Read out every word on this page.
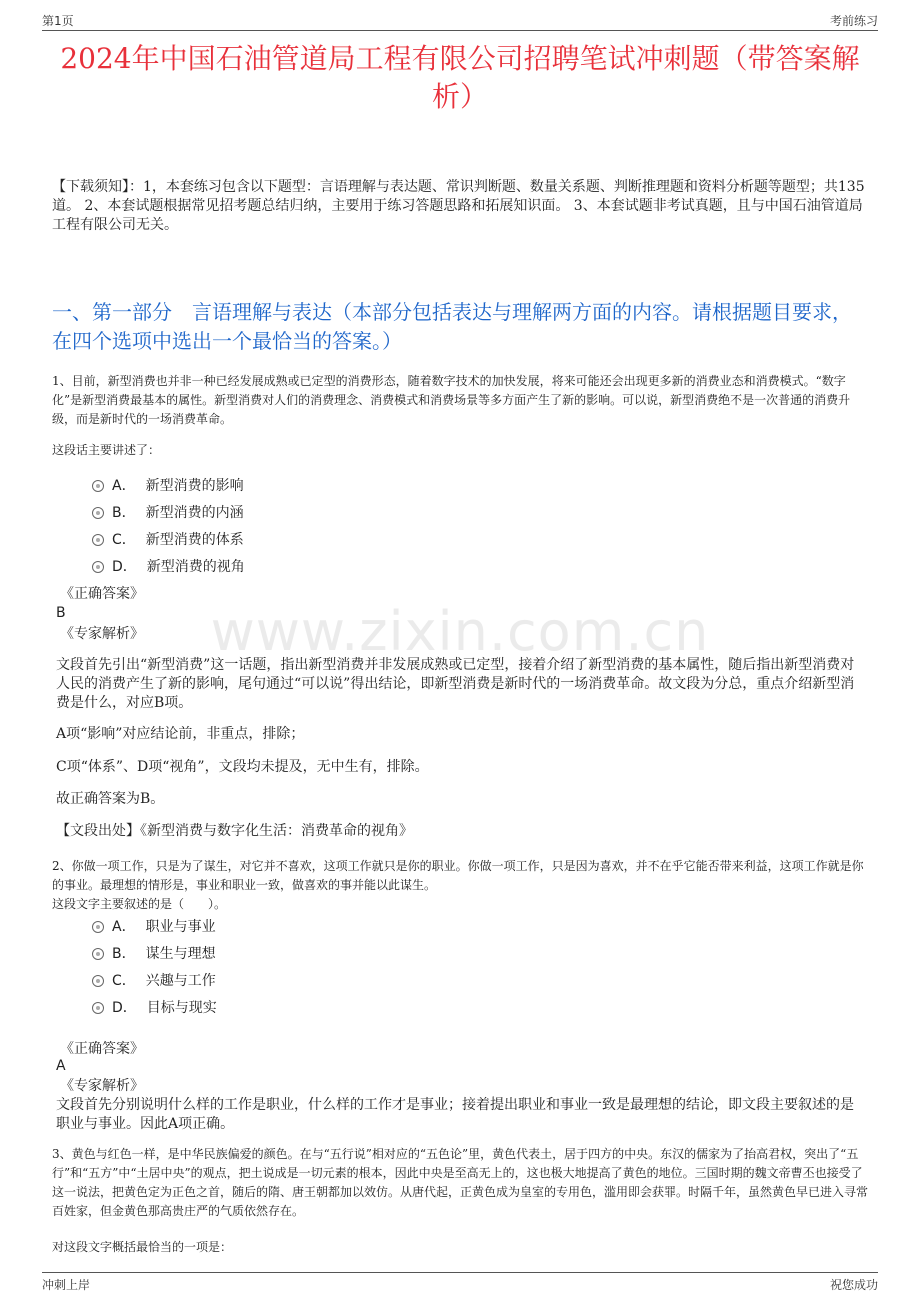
第1页	考前练习
www.zixin.com.cn
2024年中国石油管道局工程有限公司招聘笔试冲刺题（带答案解析）
【下载须知】：1，本套练习包含以下题型：言语理解与表达题、常识判断题、数量关系题、判断推理题和资料分析题等题型；共135道。 2、本套试题根据常见招考题总结归纳，主要用于练习答题思路和拓展知识面。 3、本套试题非考试真题，且与中国石油管道局工程有限公司无关。
一、第一部分　言语理解与表达（本部分包括表达与理解两方面的内容。请根据题目要求，在四个选项中选出一个最恰当的答案。）
1、目前，新型消费也并非一种已经发展成熟或已定型的消费形态，随着数字技术的加快发展，将来可能还会出现更多新的消费业态和消费模式。“数字化”是新型消费最基本的属性。新型消费对人们的消费理念、消费模式和消费场景等多方面产生了新的影响。可以说，新型消费绝不是一次普通的消费升级，而是新时代的一场消费革命。
这段话主要讲述了：
A． 新型消费的影响
B． 新型消费的内涵
C． 新型消费的体系
D． 新型消费的视角
《正确答案》
B
《专家解析》
文段首先引出“新型消费”这一话题，指出新型消费并非发展成熟或已定型，接着介绍了新型消费的基本属性，随后指出新型消费对人民的消费产生了新的影响，尾句通过“可以说”得出结论，即新型消费是新时代的一场消费革命。故文段为分总，重点介绍新型消费是什么，对应B项。
A项“影响”对应结论前，非重点，排除；
C项“体系”、D项“视角”，文段均未提及，无中生有，排除。
故正确答案为B。
【文段出处】《新型消费与数字化生活：消费革命的视角》
2、你做一项工作，只是为了谋生，对它并不喜欢，这项工作就只是你的职业。你做一项工作，只是因为喜欢，并不在乎它能否带来利益，这项工作就是你的事业。最理想的情形是，事业和职业一致，做喜欢的事并能以此谋生。
这段文字主要叙述的是（　　）。
A． 职业与事业
B． 谋生与理想
C． 兴趣与工作
D． 目标与现实
《正确答案》
A
《专家解析》
文段首先分别说明什么样的工作是职业，什么样的工作才是事业；接着提出职业和事业一致是最理想的结论，即文段主要叙述的是职业与事业。因此A项正确。
3、黄色与红色一样，是中华民族偏爱的颜色。在与“五行说”相对应的“五色论”里，黄色代表土，居于四方的中央。东汉的儒家为了抬高君权，突出了“五行”和“五方”中“土居中央”的观点，把土说成是一切元素的根本，因此中央是至高无上的，这也极大地提高了黄色的地位。三国时期的魏文帝曹丕也接受了这一说法，把黄色定为正色之首，随后的隋、唐王朝都加以效仿。从唐代起，正黄色成为皇室的专用色，滥用即会获罪。时隔千年，虽然黄色早已进入寻常百姓家，但金黄色那高贵庄严的气质依然存在。
对这段文字概括最恰当的一项是：
冲刺上岸	祝您成功
